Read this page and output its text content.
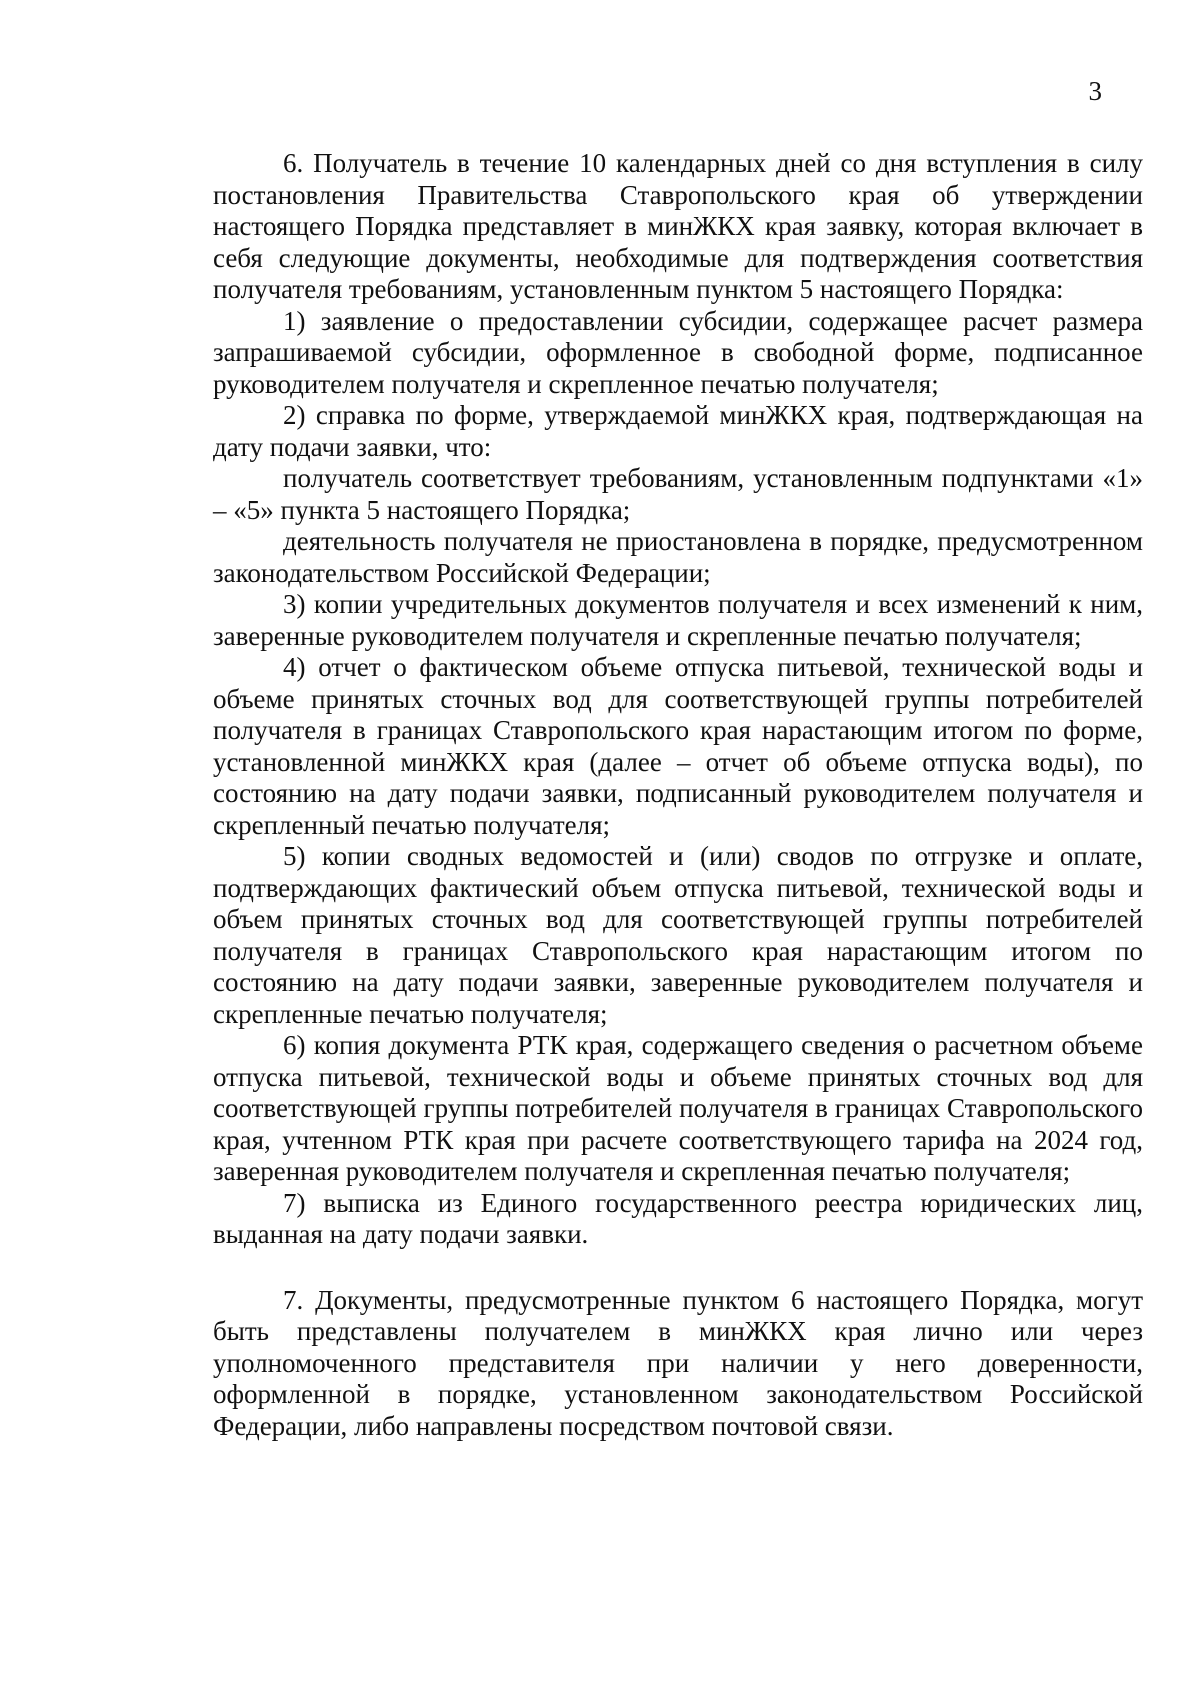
3

6. Получатель в течение 10 календарных дней со дня вступления в силу постановления Правительства Ставропольского края об утверждении настоящего Порядка представляет в минЖКХ края заявку, которая включает в себя следующие документы, необходимые для подтверждения соответствия получателя требованиям, установленным пунктом 5 настоящего Порядка:

1) заявление о предоставлении субсидии, содержащее расчет размера запрашиваемой субсидии, оформленное в свободной форме, подписанное руководителем получателя и скрепленное печатью получателя;

2) справка по форме, утверждаемой минЖКХ края, подтверждающая на дату подачи заявки, что:

получатель соответствует требованиям, установленным подпунктами «1» – «5» пункта 5 настоящего Порядка;

деятельность получателя не приостановлена в порядке, предусмотренном законодательством Российской Федерации;

3) копии учредительных документов получателя и всех изменений к ним, заверенные руководителем получателя и скрепленные печатью получателя;

4) отчет о фактическом объеме отпуска питьевой, технической воды и объеме принятых сточных вод для соответствующей группы потребителей получателя в границах Ставропольского края нарастающим итогом по форме, установленной минЖКХ края (далее – отчет об объеме отпуска воды), по состоянию на дату подачи заявки, подписанный руководителем получателя и скрепленный печатью получателя;

5) копии сводных ведомостей и (или) сводов по отгрузке и оплате, подтверждающих фактический объем отпуска питьевой, технической воды и объем принятых сточных вод для соответствующей группы потребителей получателя в границах Ставропольского края нарастающим итогом по состоянию на дату подачи заявки, заверенные руководителем получателя и скрепленные печатью получателя;

6) копия документа РТК края, содержащего сведения о расчетном объеме отпуска питьевой, технической воды и объеме принятых сточных вод для соответствующей группы потребителей получателя в границах Ставропольского края, учтенном РТК края при расчете соответствующего тарифа на 2024 год, заверенная руководителем получателя и скрепленная печатью получателя;

7) выписка из Единого государственного реестра юридических лиц, выданная на дату подачи заявки.

7. Документы, предусмотренные пунктом 6 настоящего Порядка, могут быть представлены получателем в минЖКХ края лично или через уполномоченного представителя при наличии у него доверенности, оформленной в порядке, установленном законодательством Российской Федерации, либо направлены посредством почтовой связи.
